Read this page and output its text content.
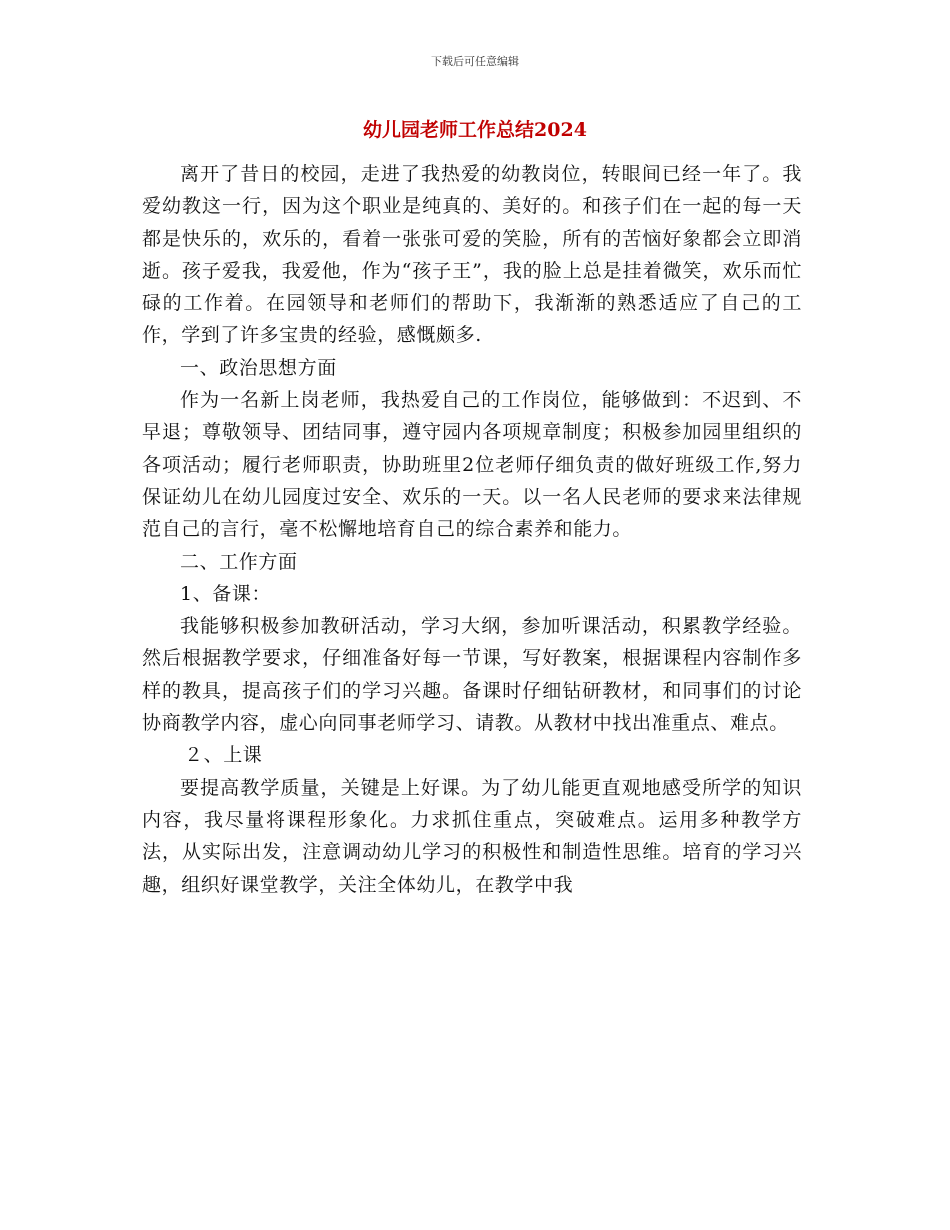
下载后可任意编辑
幼儿园老师工作总结2024

离开了昔日的校园，走进了我热爱的幼教岗位，转眼间已经一年了。我爱幼教这一行，因为这个职业是纯真的、美好的。和孩子们在一起的每一天都是快乐的，欢乐的，看着一张张可爱的笑脸，所有的苦恼好象都会立即消逝。孩子爱我，我爱他，作为“孩子王”，我的脸上总是挂着微笑，欢乐而忙碌的工作着。在园领导和老师们的帮助下，我渐渐的熟悉适应了自己的工作，学到了许多宝贵的经验，感慨颇多.

一、政治思想方面

作为一名新上岗老师，我热爱自己的工作岗位，能够做到：不迟到、不早退；尊敬领导、团结同事，遵守园内各项规章制度；积极参加园里组织的各项活动；履行老师职责，协助班里2位老师仔细负责的做好班级工作,努力保证幼儿在幼儿园度过安全、欢乐的一天。以一名人民老师的要求来法律规范自己的言行，毫不松懈地培育自己的综合素养和能力。

二、工作方面

1、备课：

我能够积极参加教研活动，学习大纲，参加听课活动，积累教学经验。然后根据教学要求，仔细准备好每一节课，写好教案，根据课程内容制作多样的教具，提高孩子们的学习兴趣。备课时仔细钻研教材，和同事们的讨论协商教学内容，虚心向同事老师学习、请教。从教材中找出准重点、难点。

２、上课

要提高教学质量，关键是上好课。为了幼儿能更直观地感受所学的知识内容，我尽量将课程形象化。力求抓住重点，突破难点。运用多种教学方法，从实际出发，注意调动幼儿学习的积极性和制造性思维。培育的学习兴趣，组织好课堂教学，关注全体幼儿，在教学中我
